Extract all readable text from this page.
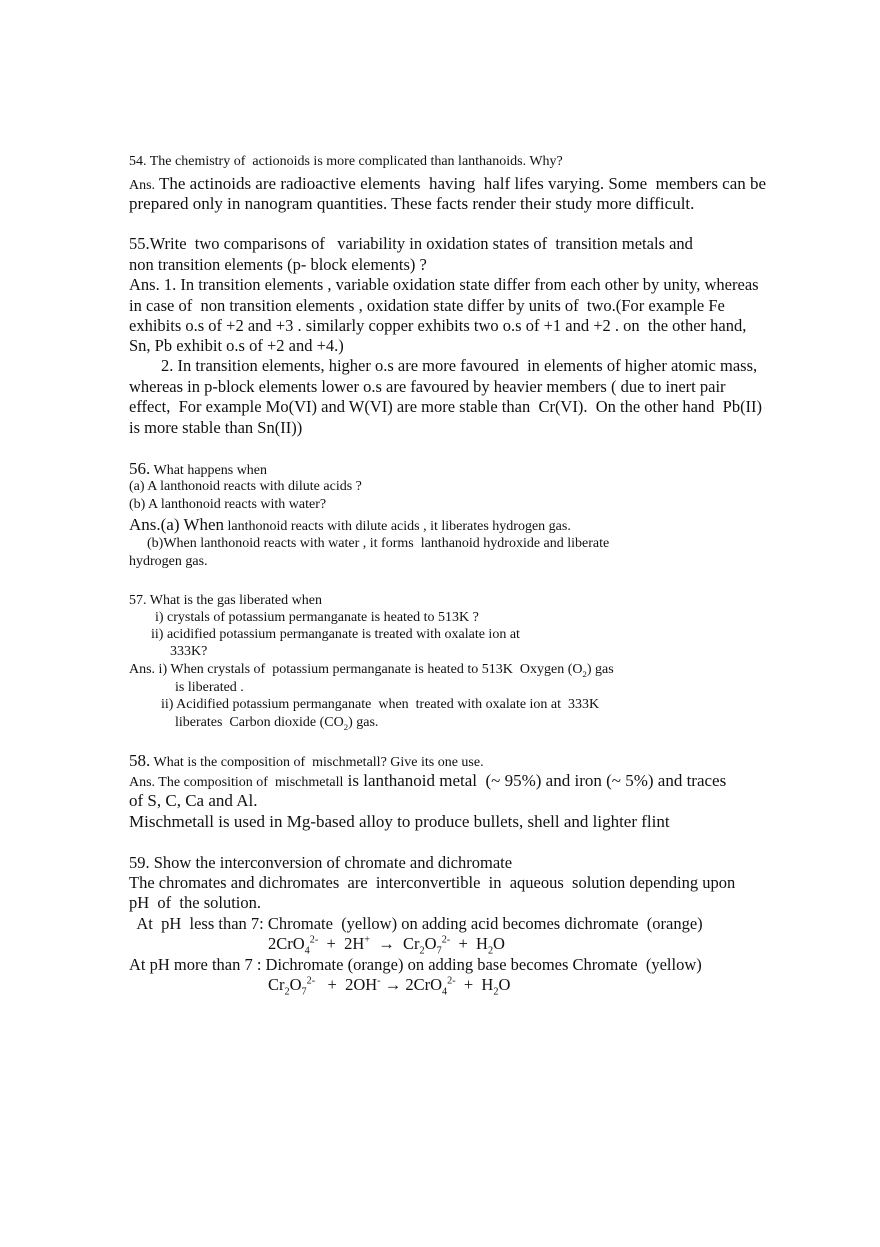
54. The chemistry of  actionoids is more complicated than lanthanoids. Why?
Ans. The actinoids are radioactive elements  having  half lifes varying. Some  members can be
prepared only in nanogram quantities. These facts render their study more difficult.
55.Write  two comparisons of   variability in oxidation states of  transition metals and
non transition elements (p- block elements) ?
Ans. 1. In transition elements , variable oxidation state differ from each other by unity, whereas
in case of  non transition elements , oxidation state differ by units of  two.(For example Fe
exhibits o.s of +2 and +3 . similarly copper exhibits two o.s of +1 and +2 . on  the other hand,
Sn, Pb exhibit o.s of +2 and +4.)
2. In transition elements, higher o.s are more favoured  in elements of higher atomic mass,
whereas in p-block elements lower o.s are favoured by heavier members ( due to inert pair
effect,  For example Mo(VI) and W(VI) are more stable than  Cr(VI).  On the other hand  Pb(II)
is more stable than Sn(II))
56. What happens when
(a) A lanthonoid reacts with dilute acids ?
(b) A lanthonoid reacts with water?
Ans.(a) When lanthonoid reacts with dilute acids , it liberates hydrogen gas.
(b)When lanthonoid reacts with water , it forms  lanthanoid hydroxide and liberate
hydrogen gas.
57. What is the gas liberated when
i) crystals of potassium permanganate is heated to 513K ?
ii) acidified potassium permanganate is treated with oxalate ion at
333K?
Ans. i) When crystals of  potassium permanganate is heated to 513K  Oxygen $(O_2)$ gas
is liberated .
ii) Acidified potassium permanganate  when  treated with oxalate ion at  333K
liberates  Carbon dioxide $(CO_2)$ gas.
58. What is the composition of  mischmetall? Give its one use.
Ans. The composition of  mischmetall is lanthanoid metal  (~ 95%) and iron (~ 5%) and traces
of S, C, Ca and Al.
Mischmetall is used in Mg-based alloy to produce bullets, shell and lighter flint
59. Show the interconversion of chromate and dichromate
The chromates and dichromates  are  interconvertible  in  aqueous  solution depending upon
pH  of  the solution.
At  pH  less than 7: Chromate  (yellow) on adding acid becomes dichromate  (orange)
$2CrO_4^{2-} + 2H^+ \to Cr_2O_7^{2-} + H_2O$
At pH more than 7 : Dichromate (orange) on adding base becomes Chromate  (yellow)
$Cr_2O_7^{2-} + 2OH^- \to 2CrO_4^{2-} + H_2O$
